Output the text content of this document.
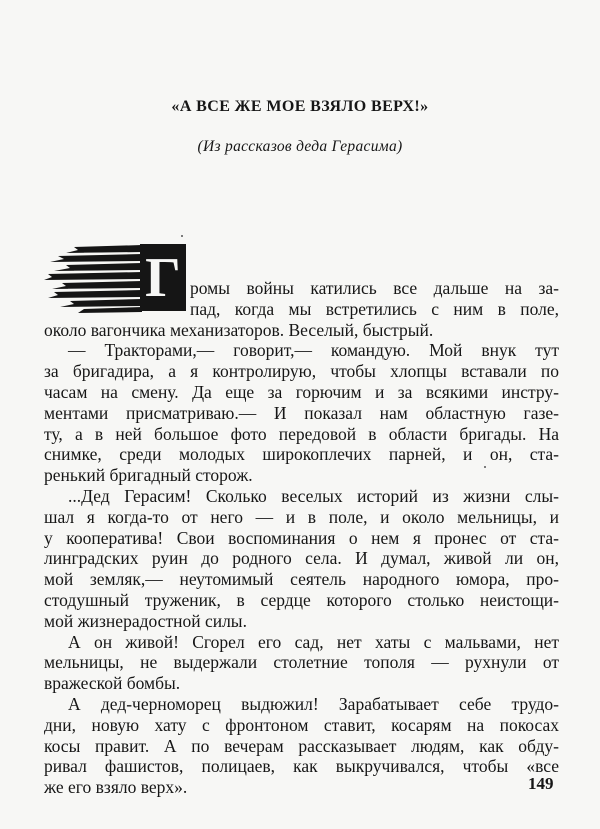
«А ВСЕ ЖЕ МОЕ ВЗЯЛО ВЕРХ!»
(Из рассказов деда Герасима)
Г ромы войны катились все дальше на за-
пад, когда мы встретились с ним в поле,
около вагончика механизаторов. Веселый, быстрый.
— Тракторами,— говорит,— командую. Мой внук тут
за бригадира, а я контролирую, чтобы хлопцы вставали по
часам на смену. Да еще за горючим и за всякими инстру-
ментами присматриваю.— И показал нам областную газе-
ту, а в ней большое фото передовой в области бригады. На
снимке, среди молодых широкоплечих парней, и он, ста-
ренький бригадный сторож.
...Дед Герасим! Сколько веселых историй из жизни слы-
шал я когда-то от него — и в поле, и около мельницы, и
у кооператива! Свои воспоминания о нем я пронес от ста-
линградских руин до родного села. И думал, живой ли он,
мой земляк,— неутомимый сеятель народного юмора, про-
стодушный труженик, в сердце которого столько неистощи-
мой жизнерадостной силы.
А он живой! Сгорел его сад, нет хаты с мальвами, нет
мельницы, не выдержали столетние тополя — рухнули от
вражеской бомбы.
А дед-черноморец выдюжил! Зарабатывает себе трудо-
дни, новую хату с фронтоном ставит, косарям на покосах
косы правит. А по вечерам рассказывает людям, как обду-
ривал фашистов, полицаев, как выкручивался, чтобы «все
же его взяло верх».	149
